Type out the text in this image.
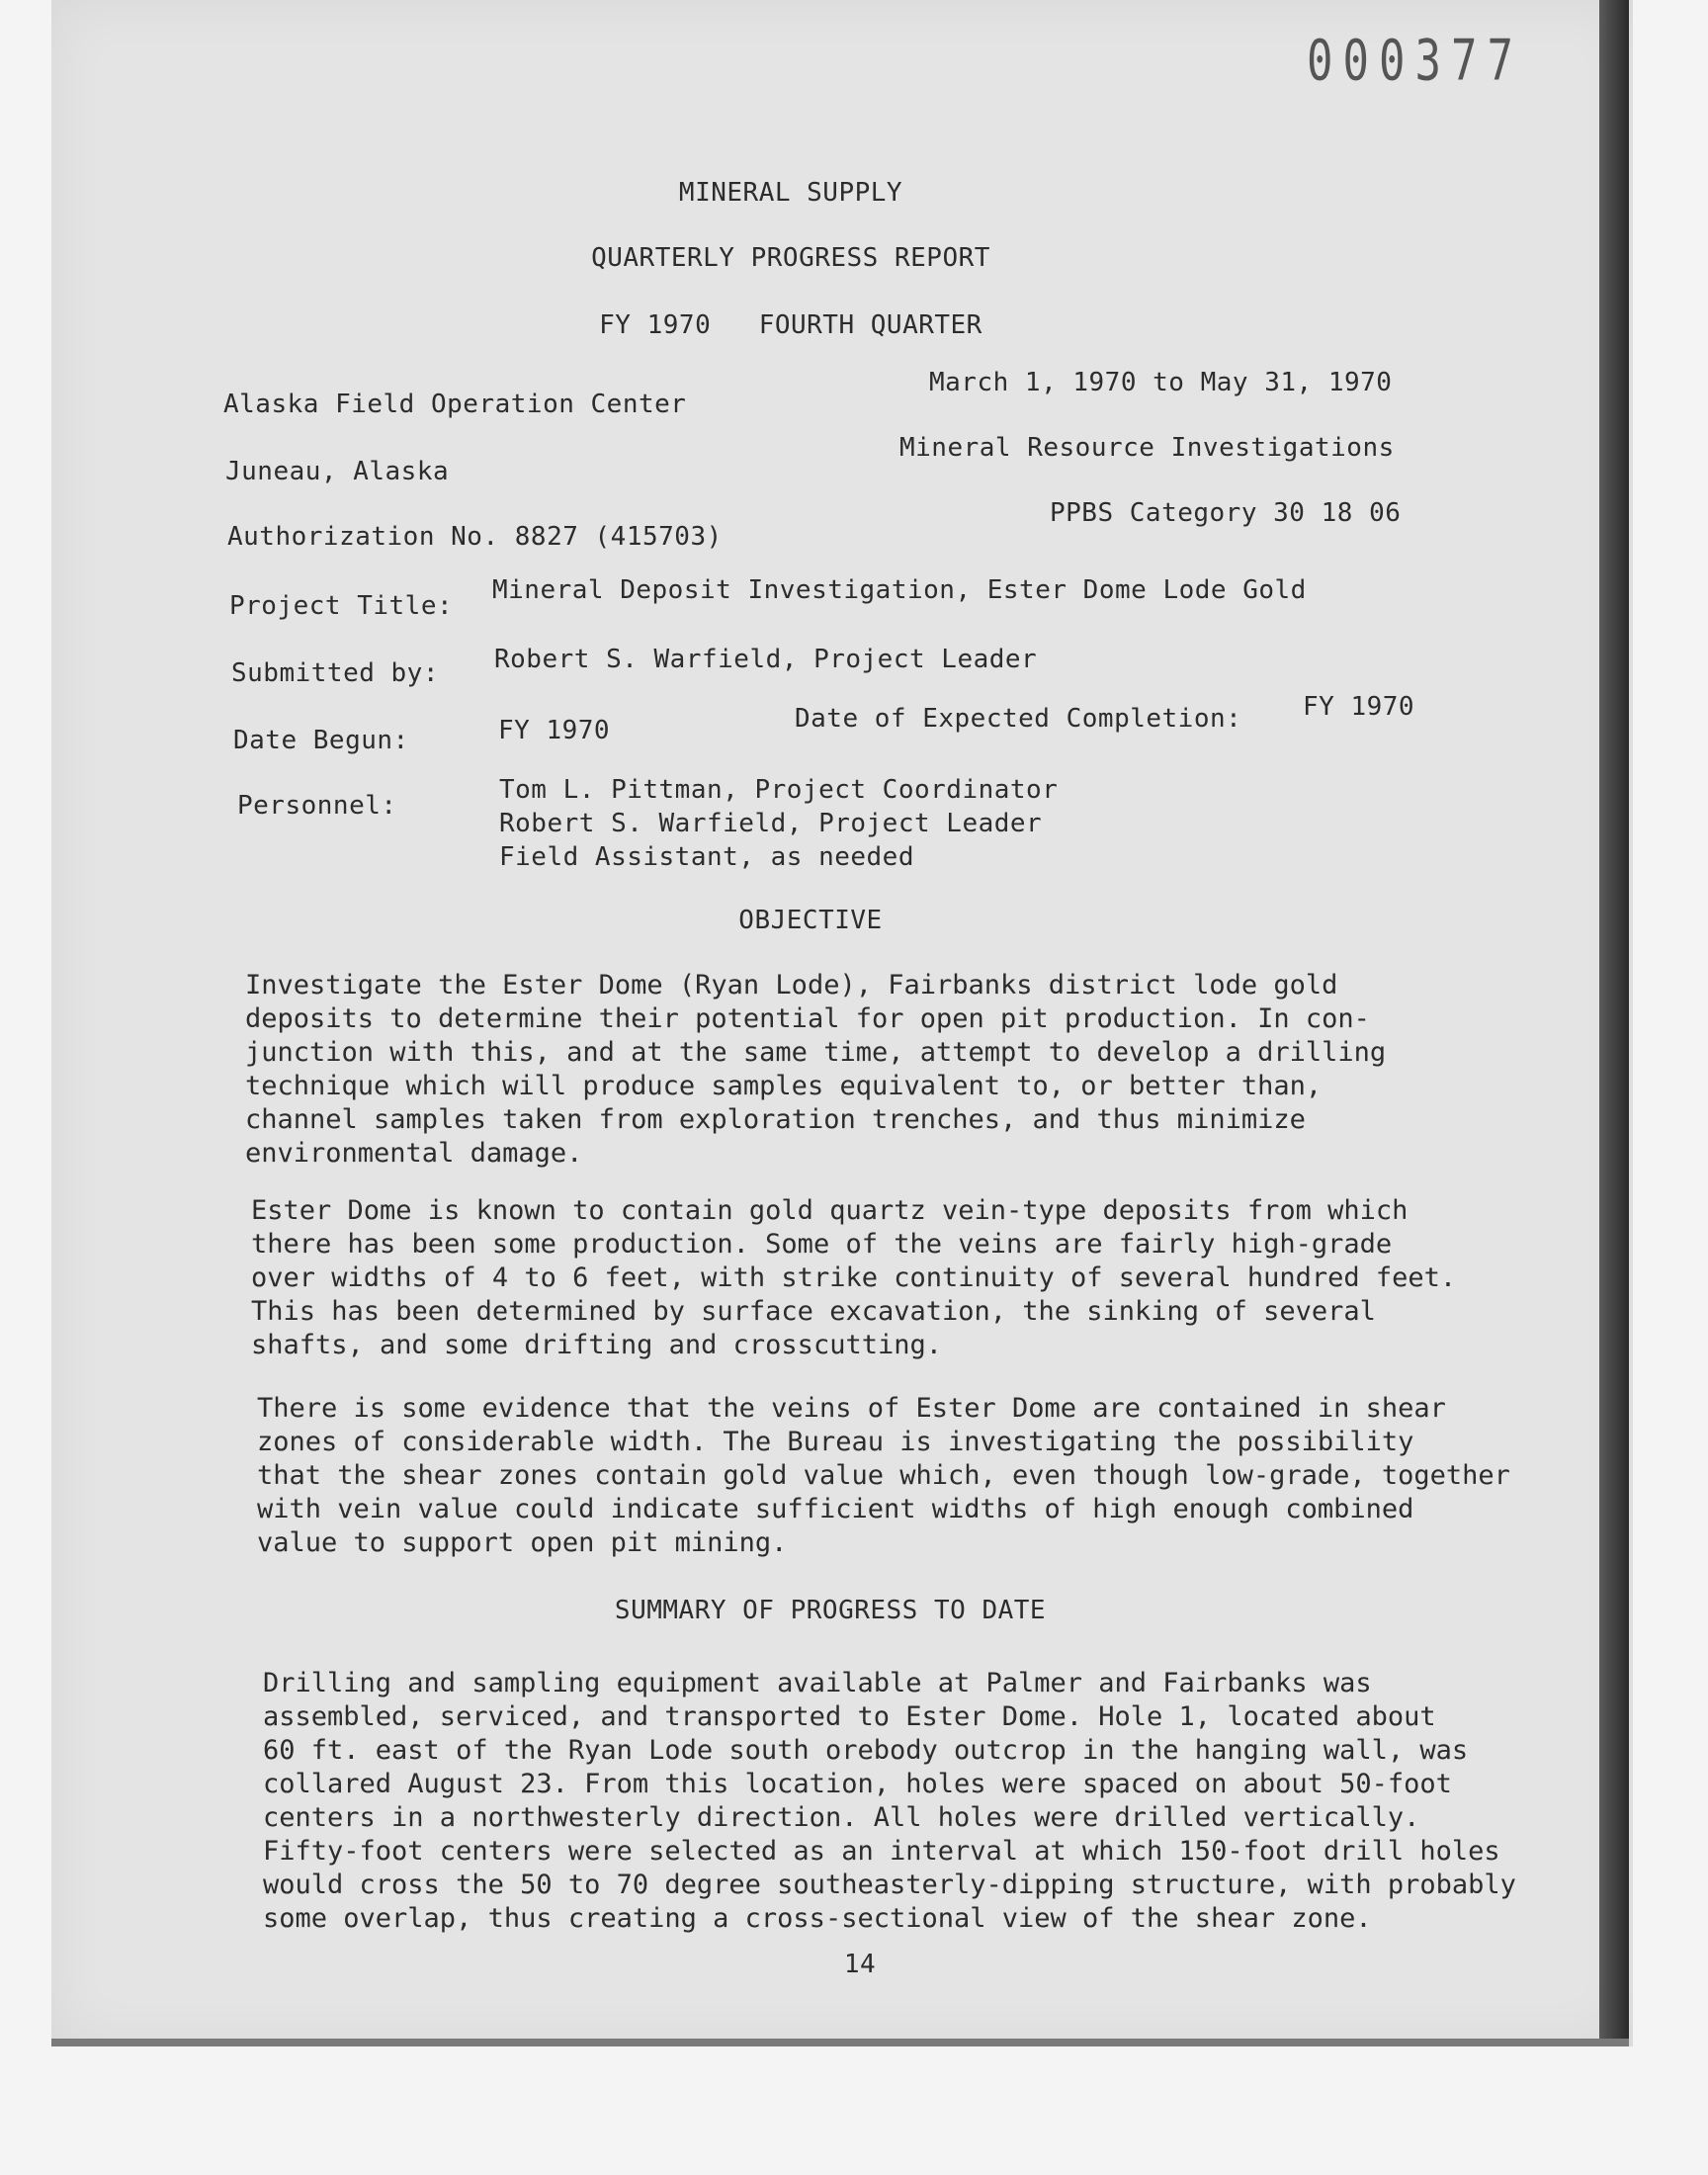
000377
MINERAL SUPPLY
QUARTERLY PROGRESS REPORT
FY 1970   FOURTH QUARTER
Alaska Field Operation Center
March 1, 1970 to May 31, 1970
Juneau, Alaska
Mineral Resource Investigations
Authorization No. 8827 (415703)
PPBS Category 30 18 06
Project Title:
Mineral Deposit Investigation, Ester Dome Lode Gold
Submitted by: Robert S. Warfield, Project Leader
Date Begun:	FY 1970	Date of Expected Completion: FY 1970
Personnel:
Tom L. Pittman, Project Coordinator
Robert S. Warfield, Project Leader
Field Assistant, as needed
OBJECTIVE
Investigate the Ester Dome (Ryan Lode), Fairbanks district lode gold
deposits to determine their potential for open pit production. In con-
junction with this, and at the same time, attempt to develop a drilling
technique which will produce samples equivalent to, or better than,
channel samples taken from exploration trenches, and thus minimize
environmental damage.
Ester Dome is known to contain gold quartz vein-type deposits from which
there has been some production. Some of the veins are fairly high-grade
over widths of 4 to 6 feet, with strike continuity of several hundred feet.
This has been determined by surface excavation, the sinking of several
shafts, and some drifting and crosscutting.
There is some evidence that the veins of Ester Dome are contained in shear
zones of considerable width. The Bureau is investigating the possibility
that the shear zones contain gold value which, even though low-grade, together
with vein value could indicate sufficient widths of high enough combined
value to support open pit mining.
SUMMARY OF PROGRESS TO DATE
Drilling and sampling equipment available at Palmer and Fairbanks was
assembled, serviced, and transported to Ester Dome. Hole 1, located about
60 ft. east of the Ryan Lode south orebody outcrop in the hanging wall, was
collared August 23. From this location, holes were spaced on about 50-foot
centers in a northwesterly direction. All holes were drilled vertically.
Fifty-foot centers were selected as an interval at which 150-foot drill holes
would cross the 50 to 70 degree southeasterly-dipping structure, with probably
some overlap, thus creating a cross-sectional view of the shear zone.
14
